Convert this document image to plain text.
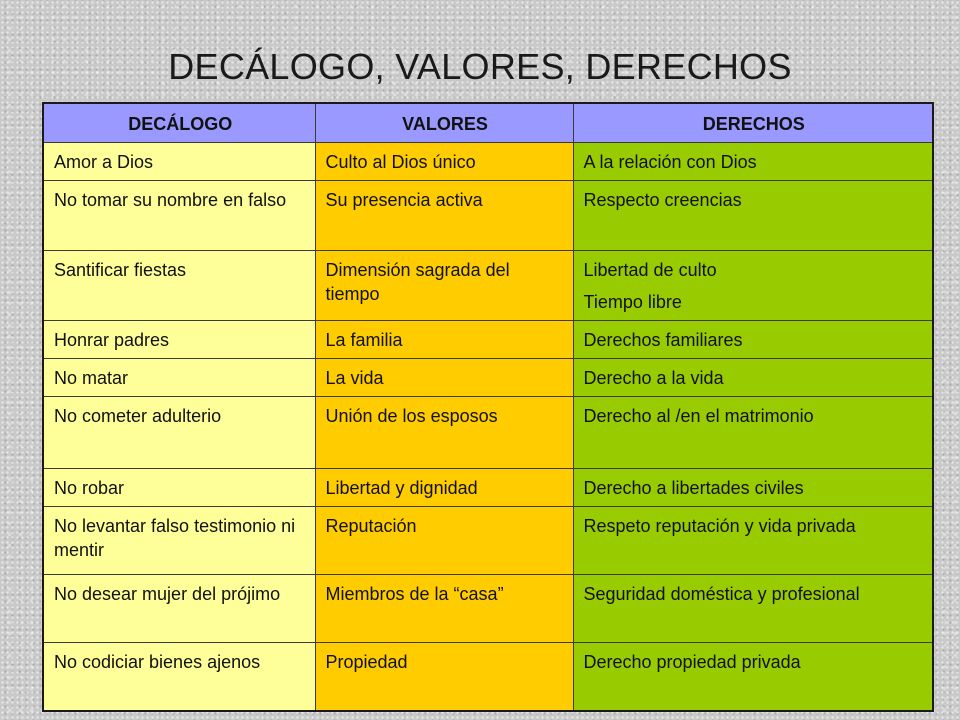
DECÁLOGO, VALORES, DERECHOS
DECÁLOGO	VALORES	DERECHOS
Amor a Dios	Culto al Dios único	A la relación con Dios

No tomar su nombre en falso	Su presencia activa	Respecto creencias

Santificar fiestas	Dimensión sagrada del tiempo	Libertad de culto
Tiempo libre

Honrar padres	La familia	Derechos familiares

No matar	La vida	Derecho a la vida

No cometer adulterio	Unión de los esposos	Derecho al /en el matrimonio

No robar	Libertad y dignidad	Derecho a libertades civiles

No levantar falso testimonio ni mentir	Reputación	Respeto reputación y vida privada

No desear mujer del prójimo	Miembros de la “casa”	Seguridad doméstica y profesional

No codiciar bienes ajenos	Propiedad	Derecho propiedad privada
